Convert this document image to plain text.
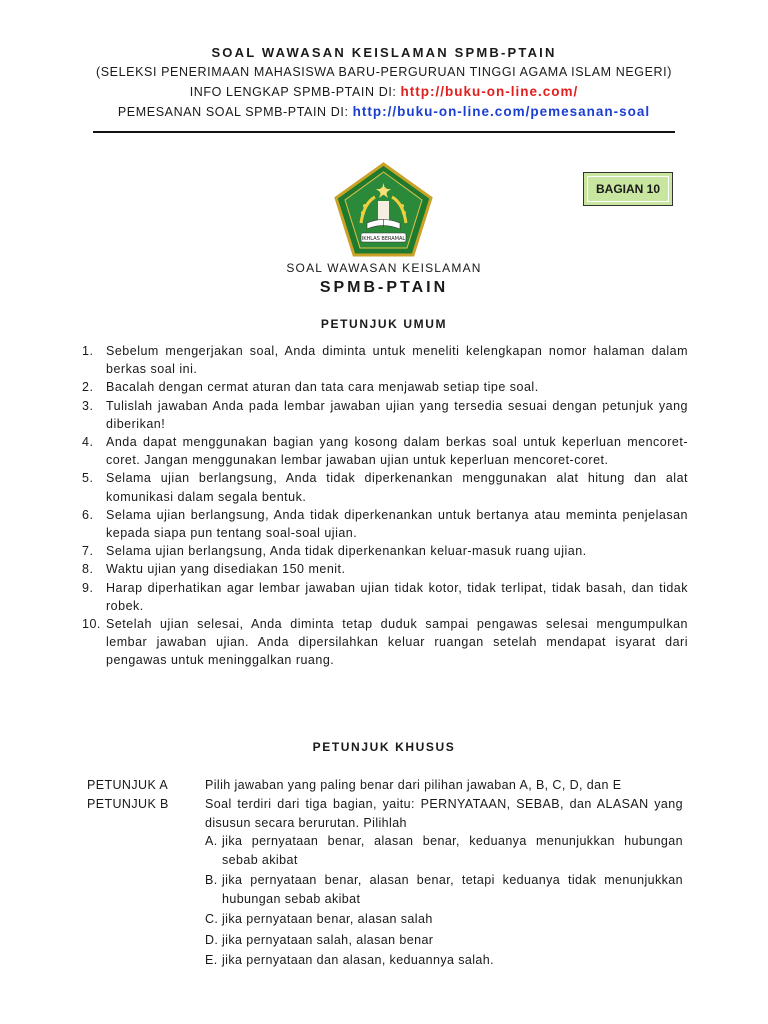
SOAL WAWASAN KEISLAMAN SPMB-PTAIN
(SELEKSI PENERIMAAN MAHASISWA BARU-PERGURUAN TINGGI AGAMA ISLAM NEGERI)
INFO LENGKAP SPMB-PTAIN DI: http://buku-on-line.com/
PEMESANAN SOAL SPMB-PTAIN DI: http://buku-on-line.com/pemesanan-soal
BAGIAN 10
IKHLAS BERAMAL
SOAL WAWASAN KEISLAMAN
SPMB-PTAIN
PETUNJUK UMUM
1. Sebelum mengerjakan soal, Anda diminta untuk meneliti kelengkapan nomor halaman dalam berkas soal ini.
2. Bacalah dengan cermat aturan dan tata cara menjawab setiap tipe soal.
3. Tulislah jawaban Anda pada lembar jawaban ujian yang tersedia sesuai dengan petunjuk yang diberikan!
4. Anda dapat menggunakan bagian yang kosong dalam berkas soal untuk keperluan mencoret-coret. Jangan menggunakan lembar jawaban ujian untuk keperluan mencoret-coret.
5. Selama ujian berlangsung, Anda tidak diperkenankan menggunakan alat hitung dan alat komunikasi dalam segala bentuk.
6. Selama ujian berlangsung, Anda tidak diperkenankan untuk bertanya atau meminta penjelasan kepada siapa pun tentang soal-soal ujian.
7. Selama ujian berlangsung, Anda tidak diperkenankan keluar-masuk ruang ujian.
8. Waktu ujian yang disediakan 150 menit.
9. Harap diperhatikan agar lembar jawaban ujian tidak kotor, tidak terlipat, tidak basah, dan tidak robek.
10. Setelah ujian selesai, Anda diminta tetap duduk sampai pengawas selesai mengumpulkan lembar jawaban ujian. Anda dipersilahkan keluar ruangan setelah mendapat isyarat dari pengawas untuk meninggalkan ruang.
PETUNJUK KHUSUS
PETUNJUK A	Pilih jawaban yang paling benar dari pilihan jawaban A, B, C, D, dan E
PETUNJUK B	Soal terdiri dari tiga bagian, yaitu: PERNYATAAN, SEBAB, dan ALASAN yang disusun secara berurutan. Pilihlah
A. jika pernyataan benar, alasan benar, keduanya menunjukkan hubungan sebab akibat
B. jika pernyataan benar, alasan benar, tetapi keduanya tidak menunjukkan hubungan sebab akibat
C. jika pernyataan benar, alasan salah
D. jika pernyataan salah, alasan benar
E. jika pernyataan dan alasan, keduannya salah.
